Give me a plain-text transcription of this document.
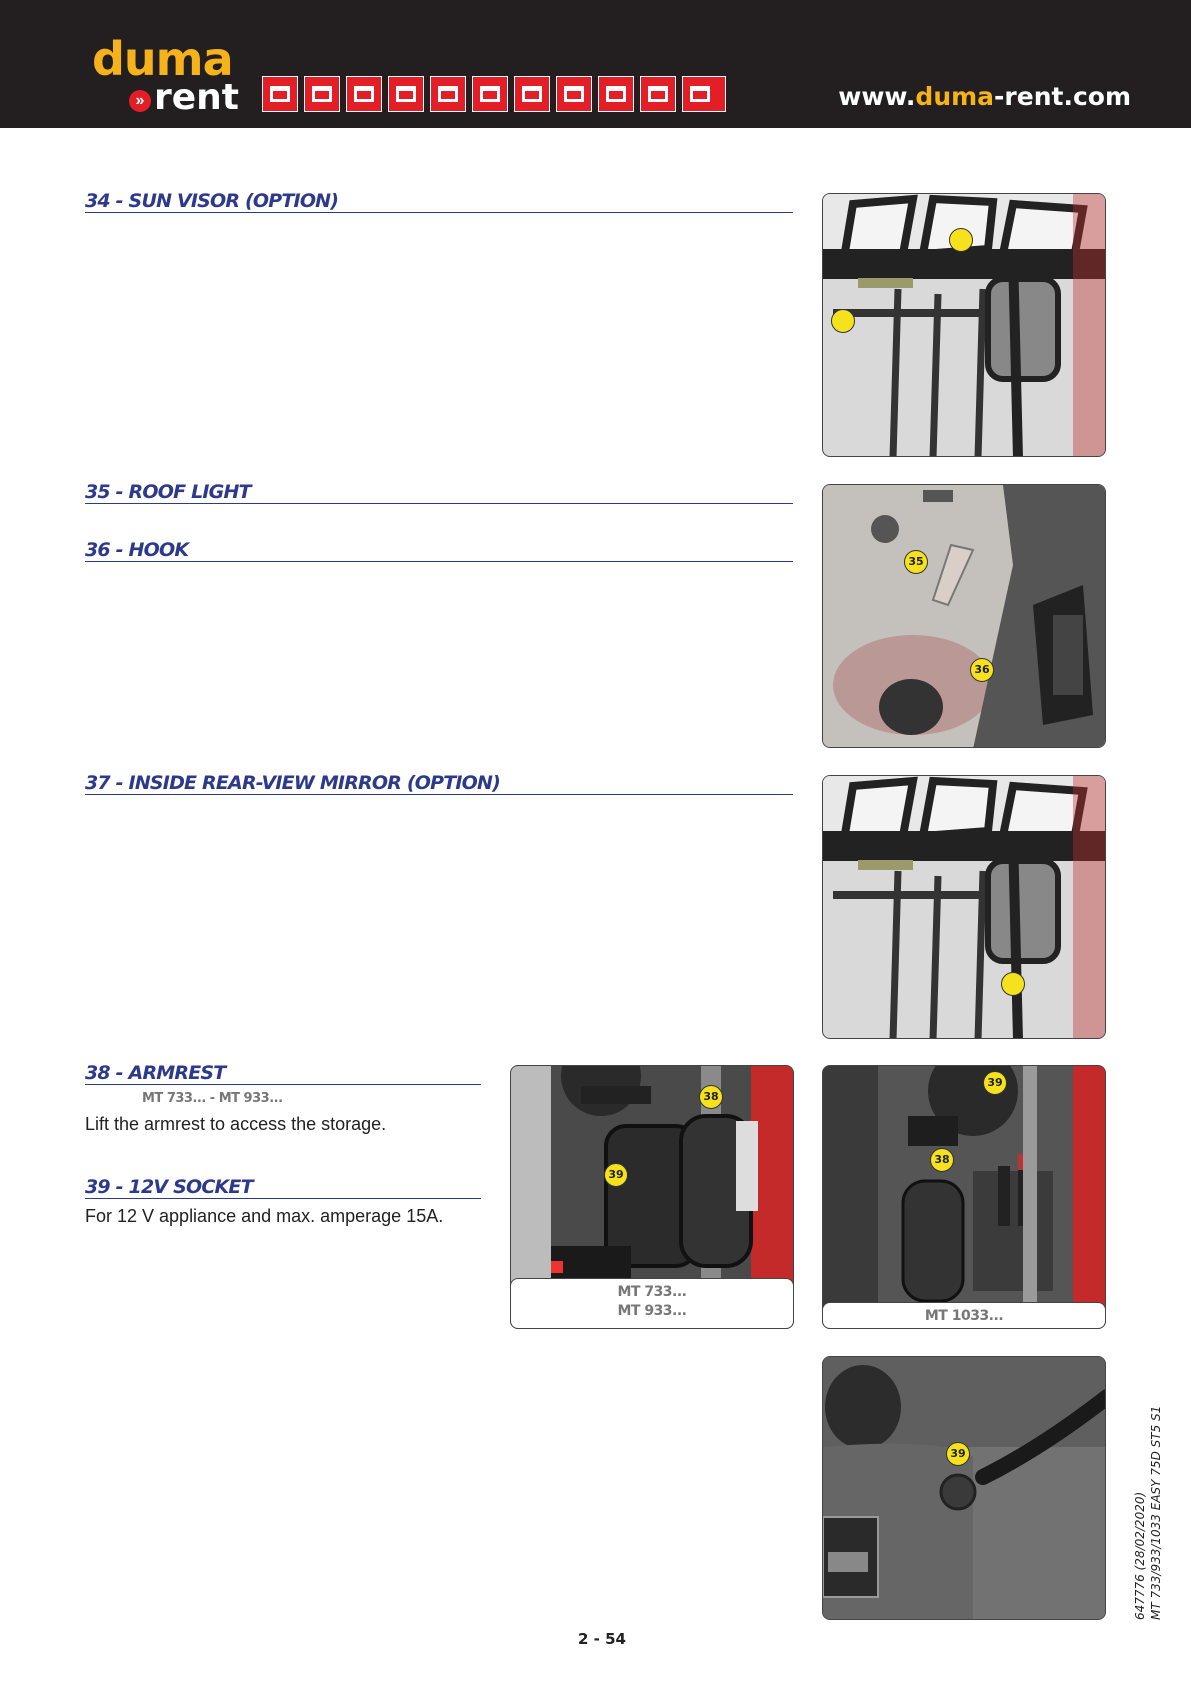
duma
» rent	www.duma-rent.com
34 - SUN VISOR (OPTION)
35 - ROOF LIGHT
36 - HOOK
37 - INSIDE REAR-VIEW MIRROR (OPTION)
38 - ARMREST
MT 733... - MT 933...
Lift the armrest to access the storage.
39 - 12V SOCKET
For 12 V appliance and max. amperage 15A.
35
36
38
39
MT 733...
MT 933...
39
38
MT 1033...
39
2 - 54
647776 (28/02/2020) MT 733/933/1033 EASY 75D ST5 S1
